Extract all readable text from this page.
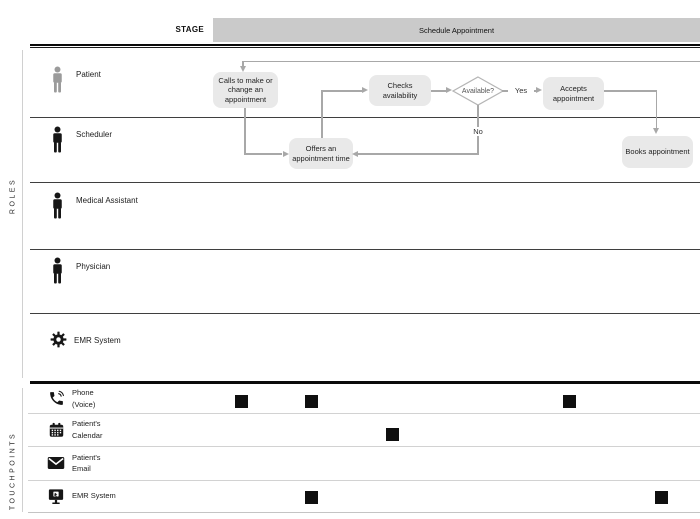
STAGE	Schedule Appointment
ROLES
TOUCHPOINTS
Patient
Scheduler
Medical Assistant
Physician
EMR System
Calls to make or change an appointment
Checks availability
Offers an appointment time
Accepts appointment
Books appointment
Available?	Yes
No
Phone
(Voice)
Patient's
Calendar
Patient's
Email
EMR System
